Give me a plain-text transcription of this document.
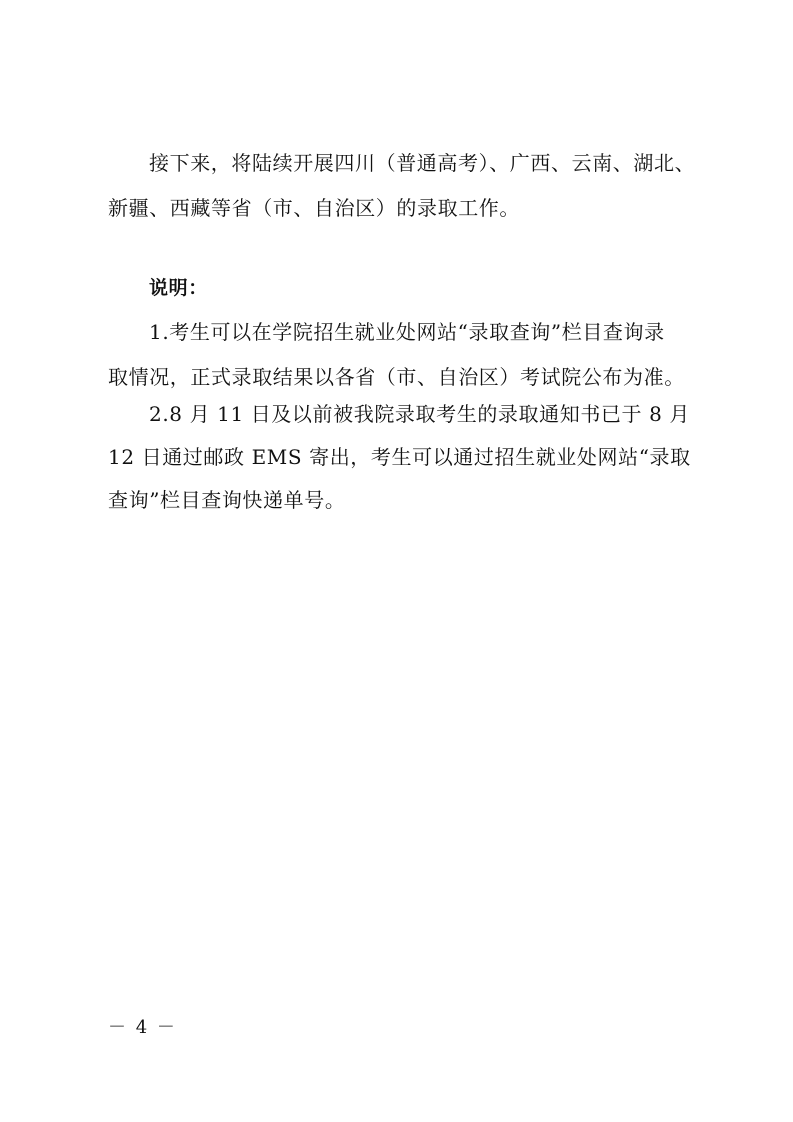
接下来，将陆续开展四川（普通高考）、广西、云南、湖北、
新疆、西藏等省（市、自治区）的录取工作。
说明：
1.考生可以在学院招生就业处网站“录取查询”栏目查询录
取情况，正式录取结果以各省（市、自治区）考试院公布为准。
2.8 月 11 日及以前被我院录取考生的录取通知书已于 8 月
12 日通过邮政 EMS 寄出，考生可以通过招生就业处网站“录取
查询”栏目查询快递单号。
－ 4 －
